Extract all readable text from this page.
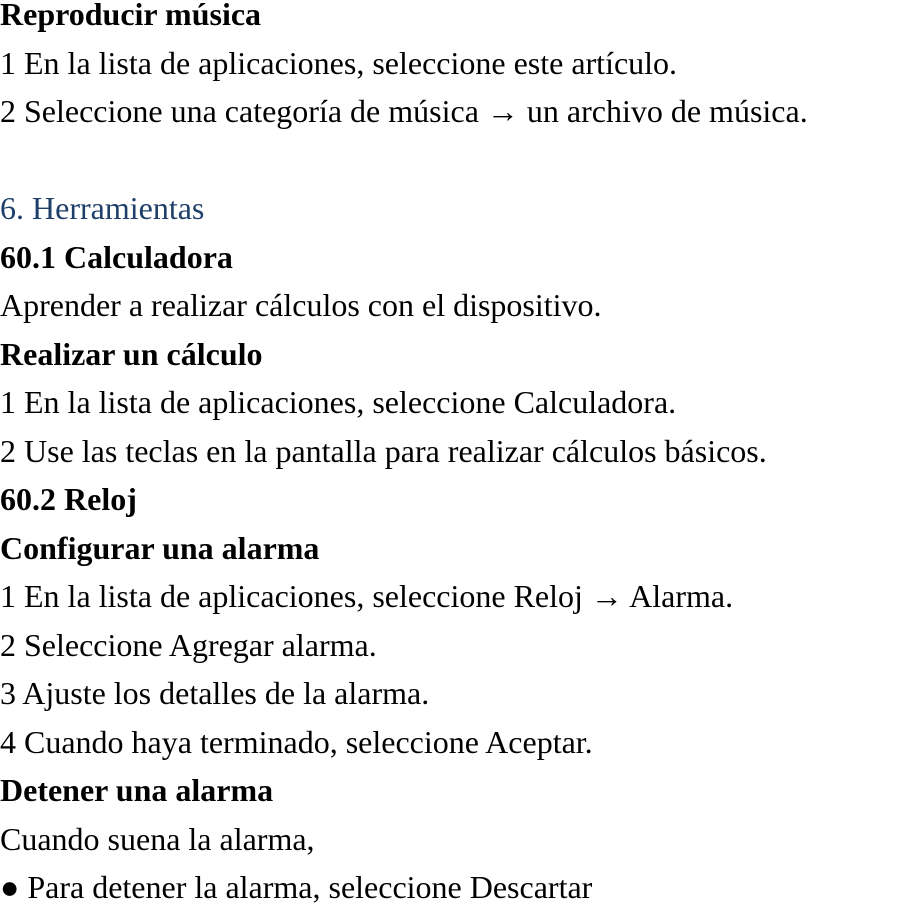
Reproducir música

1 En la lista de aplicaciones, seleccione este artículo.

2 Seleccione una categoría de música → un archivo de música.

6. Herramientas

60.1 Calculadora

Aprender a realizar cálculos con el dispositivo.

Realizar un cálculo

1 En la lista de aplicaciones, seleccione Calculadora.

2 Use las teclas en la pantalla para realizar cálculos básicos.

60.2 Reloj

Configurar una alarma

1 En la lista de aplicaciones, seleccione Reloj → Alarma.

2 Seleccione Agregar alarma.

3 Ajuste los detalles de la alarma.

4 Cuando haya terminado, seleccione Aceptar.

Detener una alarma

Cuando suena la alarma,

● Para detener la alarma, seleccione Descartar
